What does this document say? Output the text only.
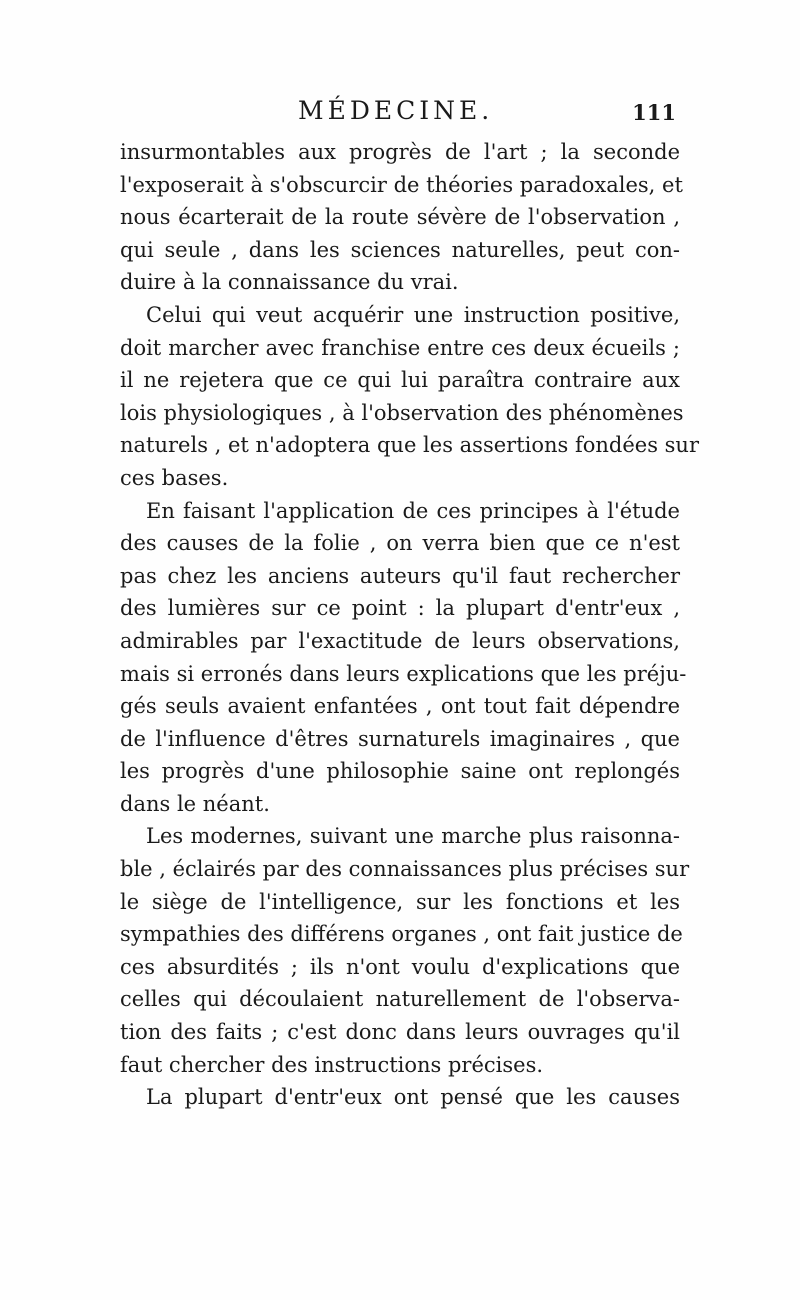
MÉDECINE.	111
insurmontables aux progrès de l'art ; la seconde
l'exposerait à s'obscurcir de théories paradoxales, et
nous écarterait de la route sévère de l'observation ,
qui seule , dans les sciences naturelles, peut con-
duire à la connaissance du vrai.
Celui qui veut acquérir une instruction positive,
doit marcher avec franchise entre ces deux écueils ;
il ne rejetera que ce qui lui paraîtra contraire aux
lois physiologiques , à l'observation des phénomènes
naturels , et n'adoptera que les assertions fondées sur
ces bases.
En faisant l'application de ces principes à l'étude
des causes de la folie , on verra bien que ce n'est
pas chez les anciens auteurs qu'il faut rechercher
des lumières sur ce point : la plupart d'entr'eux ,
admirables par l'exactitude de leurs observations,
mais si erronés dans leurs explications que les préju-
gés seuls avaient enfantées , ont tout fait dépendre
de l'influence d'êtres surnaturels imaginaires , que
les progrès d'une philosophie saine ont replongés
dans le néant.
Les modernes, suivant une marche plus raisonna-
ble , éclairés par des connaissances plus précises sur
le siège de l'intelligence, sur les fonctions et les
sympathies des différens organes , ont fait justice de
ces absurdités ; ils n'ont voulu d'explications que
celles qui découlaient naturellement de l'observa-
tion des faits ; c'est donc dans leurs ouvrages qu'il
faut chercher des instructions précises.
La plupart d'entr'eux ont pensé que les causes
